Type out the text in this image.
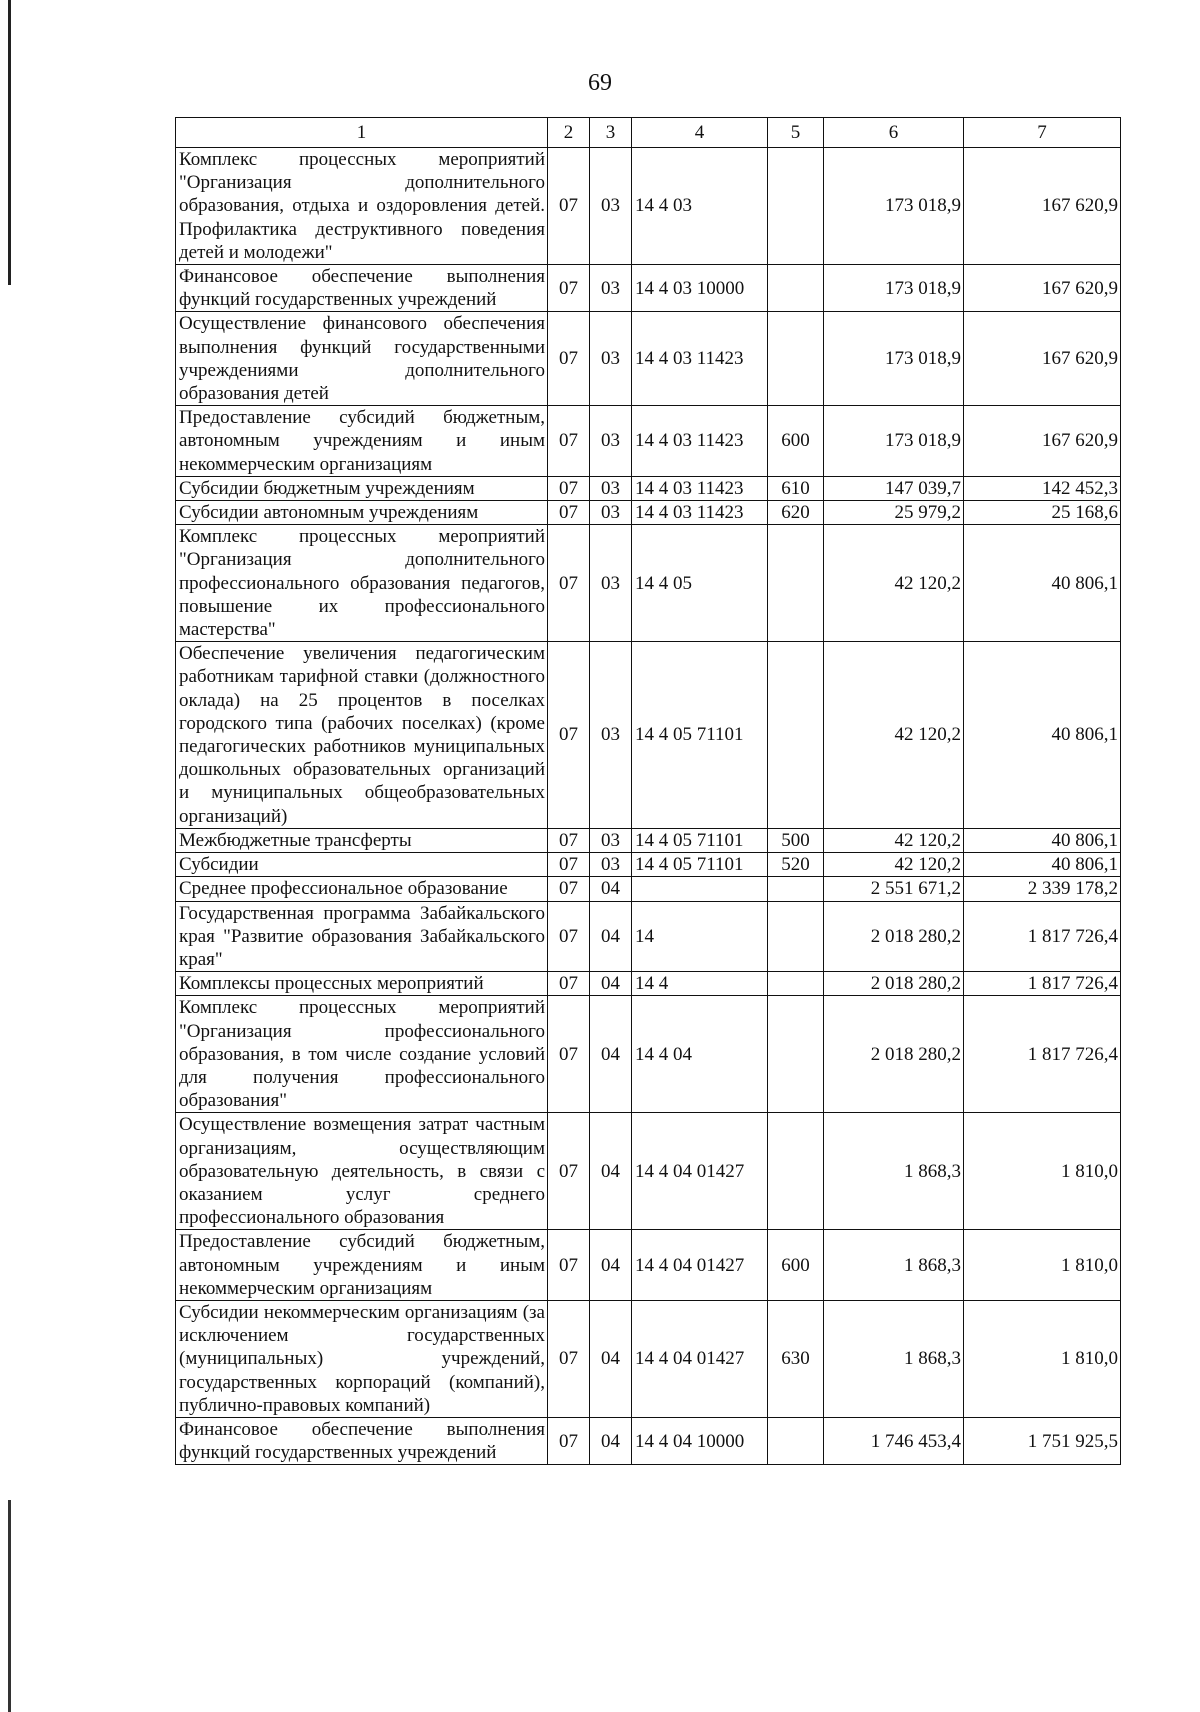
69
1	2	3	4	5	6	7
Комплекс процессных мероприятий "Организация дополнительного образования, отдыха и оздоровления детей. Профилактика деструктивного поведения детей и молодежи"	07	03	14 4 03		173 018,9	167 620,9
Финансовое обеспечение выполнения функций государственных учреждений	07	03	14 4 03 10000		173 018,9	167 620,9
Осуществление финансового обеспечения выполнения функций государственными учреждениями дополнительного образования детей	07	03	14 4 03 11423		173 018,9	167 620,9
Предоставление субсидий бюджетным, автономным учреждениям и иным некоммерческим организациям	07	03	14 4 03 11423	600	173 018,9	167 620,9
Субсидии бюджетным учреждениям	07	03	14 4 03 11423	610	147 039,7	142 452,3
Субсидии автономным учреждениям	07	03	14 4 03 11423	620	25 979,2	25 168,6
Комплекс процессных мероприятий "Организация дополнительного профессионального образования педагогов, повышение их профессионального мастерства"	07	03	14 4 05		42 120,2	40 806,1
Обеспечение увеличения педагогическим работникам тарифной ставки (должностного оклада) на 25 процентов в поселках городского типа (рабочих поселках) (кроме педагогических работников муниципальных дошкольных образовательных организаций и муниципальных общеобразовательных организаций)	07	03	14 4 05 71101		42 120,2	40 806,1
Межбюджетные трансферты	07	03	14 4 05 71101	500	42 120,2	40 806,1
Субсидии	07	03	14 4 05 71101	520	42 120,2	40 806,1
Среднее профессиональное образование	07	04			2 551 671,2	2 339 178,2
Государственная программа Забайкальского края "Развитие образования Забайкальского края"	07	04	14		2 018 280,2	1 817 726,4
Комплексы процессных мероприятий	07	04	14 4		2 018 280,2	1 817 726,4
Комплекс процессных мероприятий "Организация профессионального образования, в том числе создание условий для получения профессионального образования"	07	04	14 4 04		2 018 280,2	1 817 726,4
Осуществление возмещения затрат частным организациям, осуществляющим образовательную деятельность, в связи с оказанием услуг среднего профессионального образования	07	04	14 4 04 01427		1 868,3	1 810,0
Предоставление субсидий бюджетным, автономным учреждениям и иным некоммерческим организациям	07	04	14 4 04 01427	600	1 868,3	1 810,0
Субсидии некоммерческим организациям (за исключением государственных (муниципальных) учреждений, государственных корпораций (компаний), публично-правовых компаний)	07	04	14 4 04 01427	630	1 868,3	1 810,0
Финансовое обеспечение выполнения функций государственных учреждений	07	04	14 4 04 10000		1 746 453,4	1 751 925,5
